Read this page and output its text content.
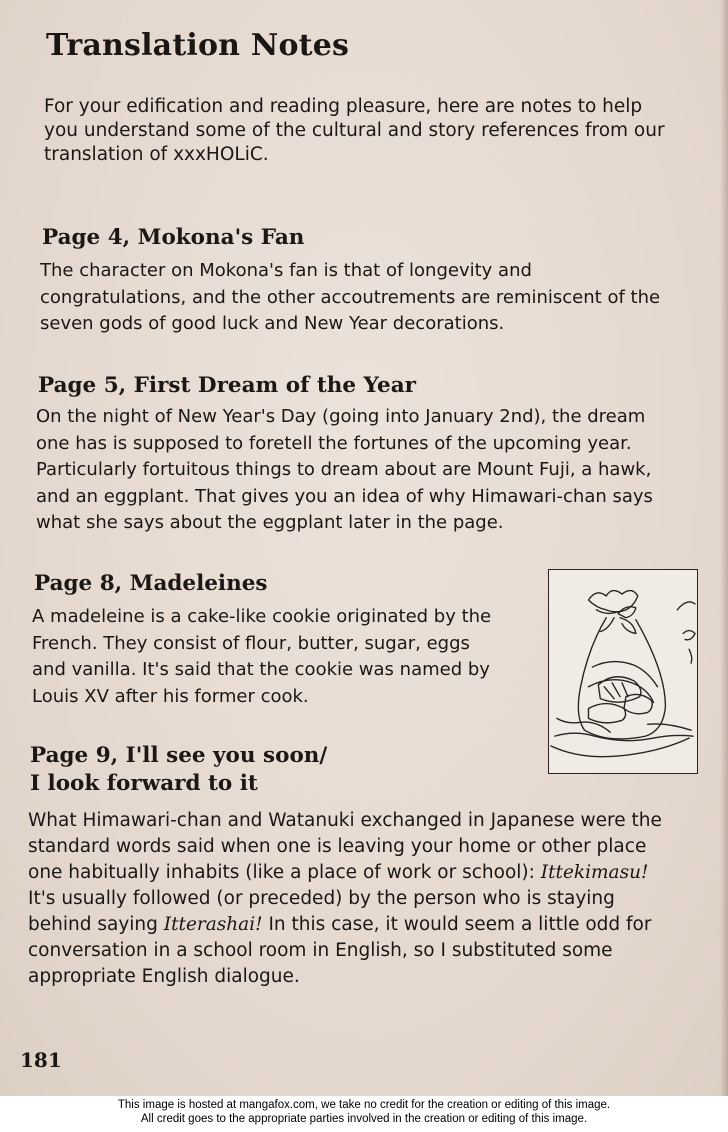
Translation Notes

For your edification and reading pleasure, here are notes to help
you understand some of the cultural and story references from our
translation of xxxHOLiC.

Page 4, Mokona's Fan

The character on Mokona's fan is that of longevity and
congratulations, and the other accoutrements are reminiscent of the
seven gods of good luck and New Year decorations.

Page 5, First Dream of the Year

On the night of New Year's Day (going into January 2nd), the dream
one has is supposed to foretell the fortunes of the upcoming year.
Particularly fortuitous things to dream about are Mount Fuji, a hawk,
and an eggplant. That gives you an idea of why Himawari-chan says
what she says about the eggplant later in the page.

Page 8, Madeleines

A madeleine is a cake-like cookie originated by the
French. They consist of flour, butter, sugar, eggs
and vanilla. It's said that the cookie was named by
Louis XV after his former cook.

Page 9, I'll see you soon/
I look forward to it

What Himawari-chan and Watanuki exchanged in Japanese were the
standard words said when one is leaving your home or other place
one habitually inhabits (like a place of work or school): Ittekimasu!
It's usually followed (or preceded) by the person who is staying
behind saying Itterashai! In this case, it would seem a little odd for
conversation in a school room in English, so I substituted some
appropriate English dialogue.

181

This image is hosted at mangafox.com, we take no credit for the creation or editing of this image.
All credit goes to the appropriate parties involved in the creation or editing of this image.
